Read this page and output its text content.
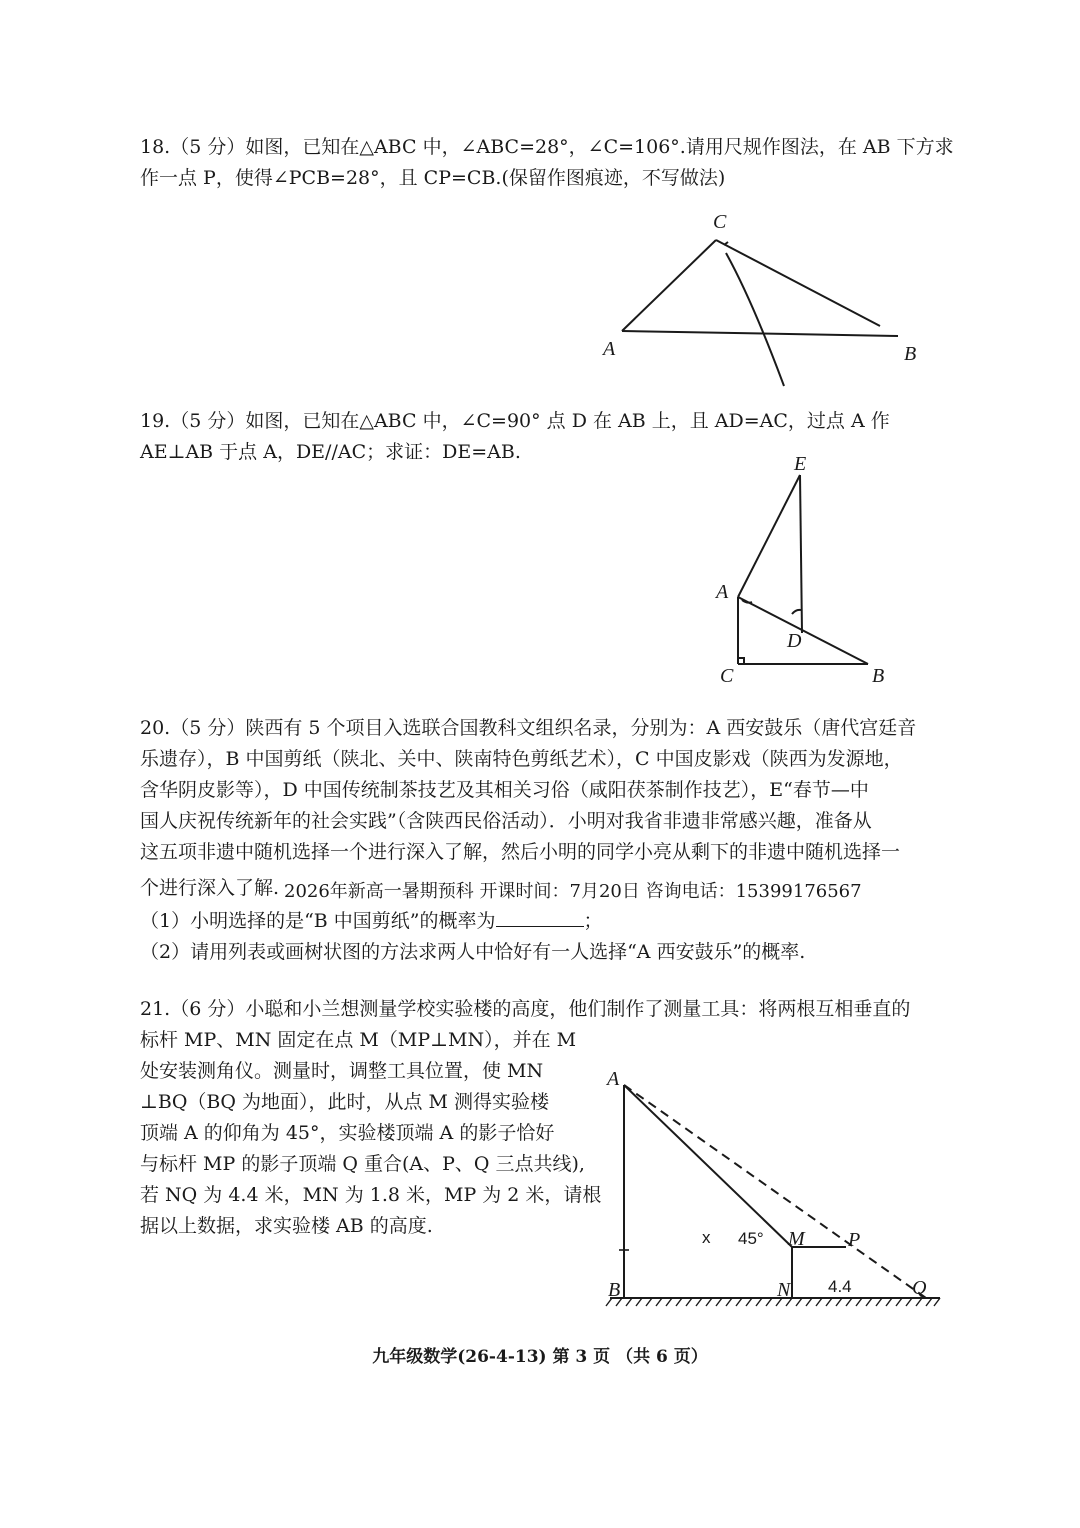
18.（5 分）如图，已知在△ABC 中，∠ABC=28°，∠C=106°.请用尺规作图法，在 AB 下方求
作一点 P，使得∠PCB=28°，且 CP=CB.(保留作图痕迹，不写做法)
C
A	B
19.（5 分）如图，已知在△ABC 中，∠C=90° 点 D 在 AB 上，且 AD=AC，过点 A 作
AE⊥AB 于点 A，DE//AC；求证：DE=AB.
E
A
D
C	B
20.（5 分）陕西有 5 个项目入选联合国教科文组织名录，分别为：A 西安鼓乐（唐代宫廷音
乐遗存），B 中国剪纸（陕北、关中、陕南特色剪纸艺术），C 中国皮影戏（陕西为发源地，
含华阴皮影等），D 中国传统制茶技艺及其相关习俗（咸阳茯茶制作技艺），E“春节—中
国人庆祝传统新年的社会实践”（含陕西民俗活动）．小明对我省非遗非常感兴趣，准备从
这五项非遗中随机选择一个进行深入了解，然后小明的同学小亮从剩下的非遗中随机选择一
个进行深入了解. 2026年新高一暑期预科 开课时间：7月20日 咨询电话：15399176567
（1）小明选择的是“B 中国剪纸”的概率为	；
（2）请用列表或画树状图的方法求两人中恰好有一人选择“A 西安鼓乐”的概率.
21.（6 分）小聪和小兰想测量学校实验楼的高度，他们制作了测量工具：将两根互相垂直的
标杆 MP、MN 固定在点 M（MP⊥MN），并在 M
处安装测角仪。测量时，调整工具位置，使 MN
⊥BQ（BQ 为地面），此时，从点 M 测得实验楼
顶端 A 的仰角为 45°，实验楼顶端 A 的影子恰好
与标杆 MP 的影子顶端 Q 重合(A、P、Q 三点共线),
若 NQ 为 4.4 米，MN 为 1.8 米，MP 为 2 米，请根
据以上数据，求实验楼 AB 的高度.
A
B
M
N
P
Q
45°
x
4.4
九年级数学(26-4-13) 第 3 页 （共 6 页）
